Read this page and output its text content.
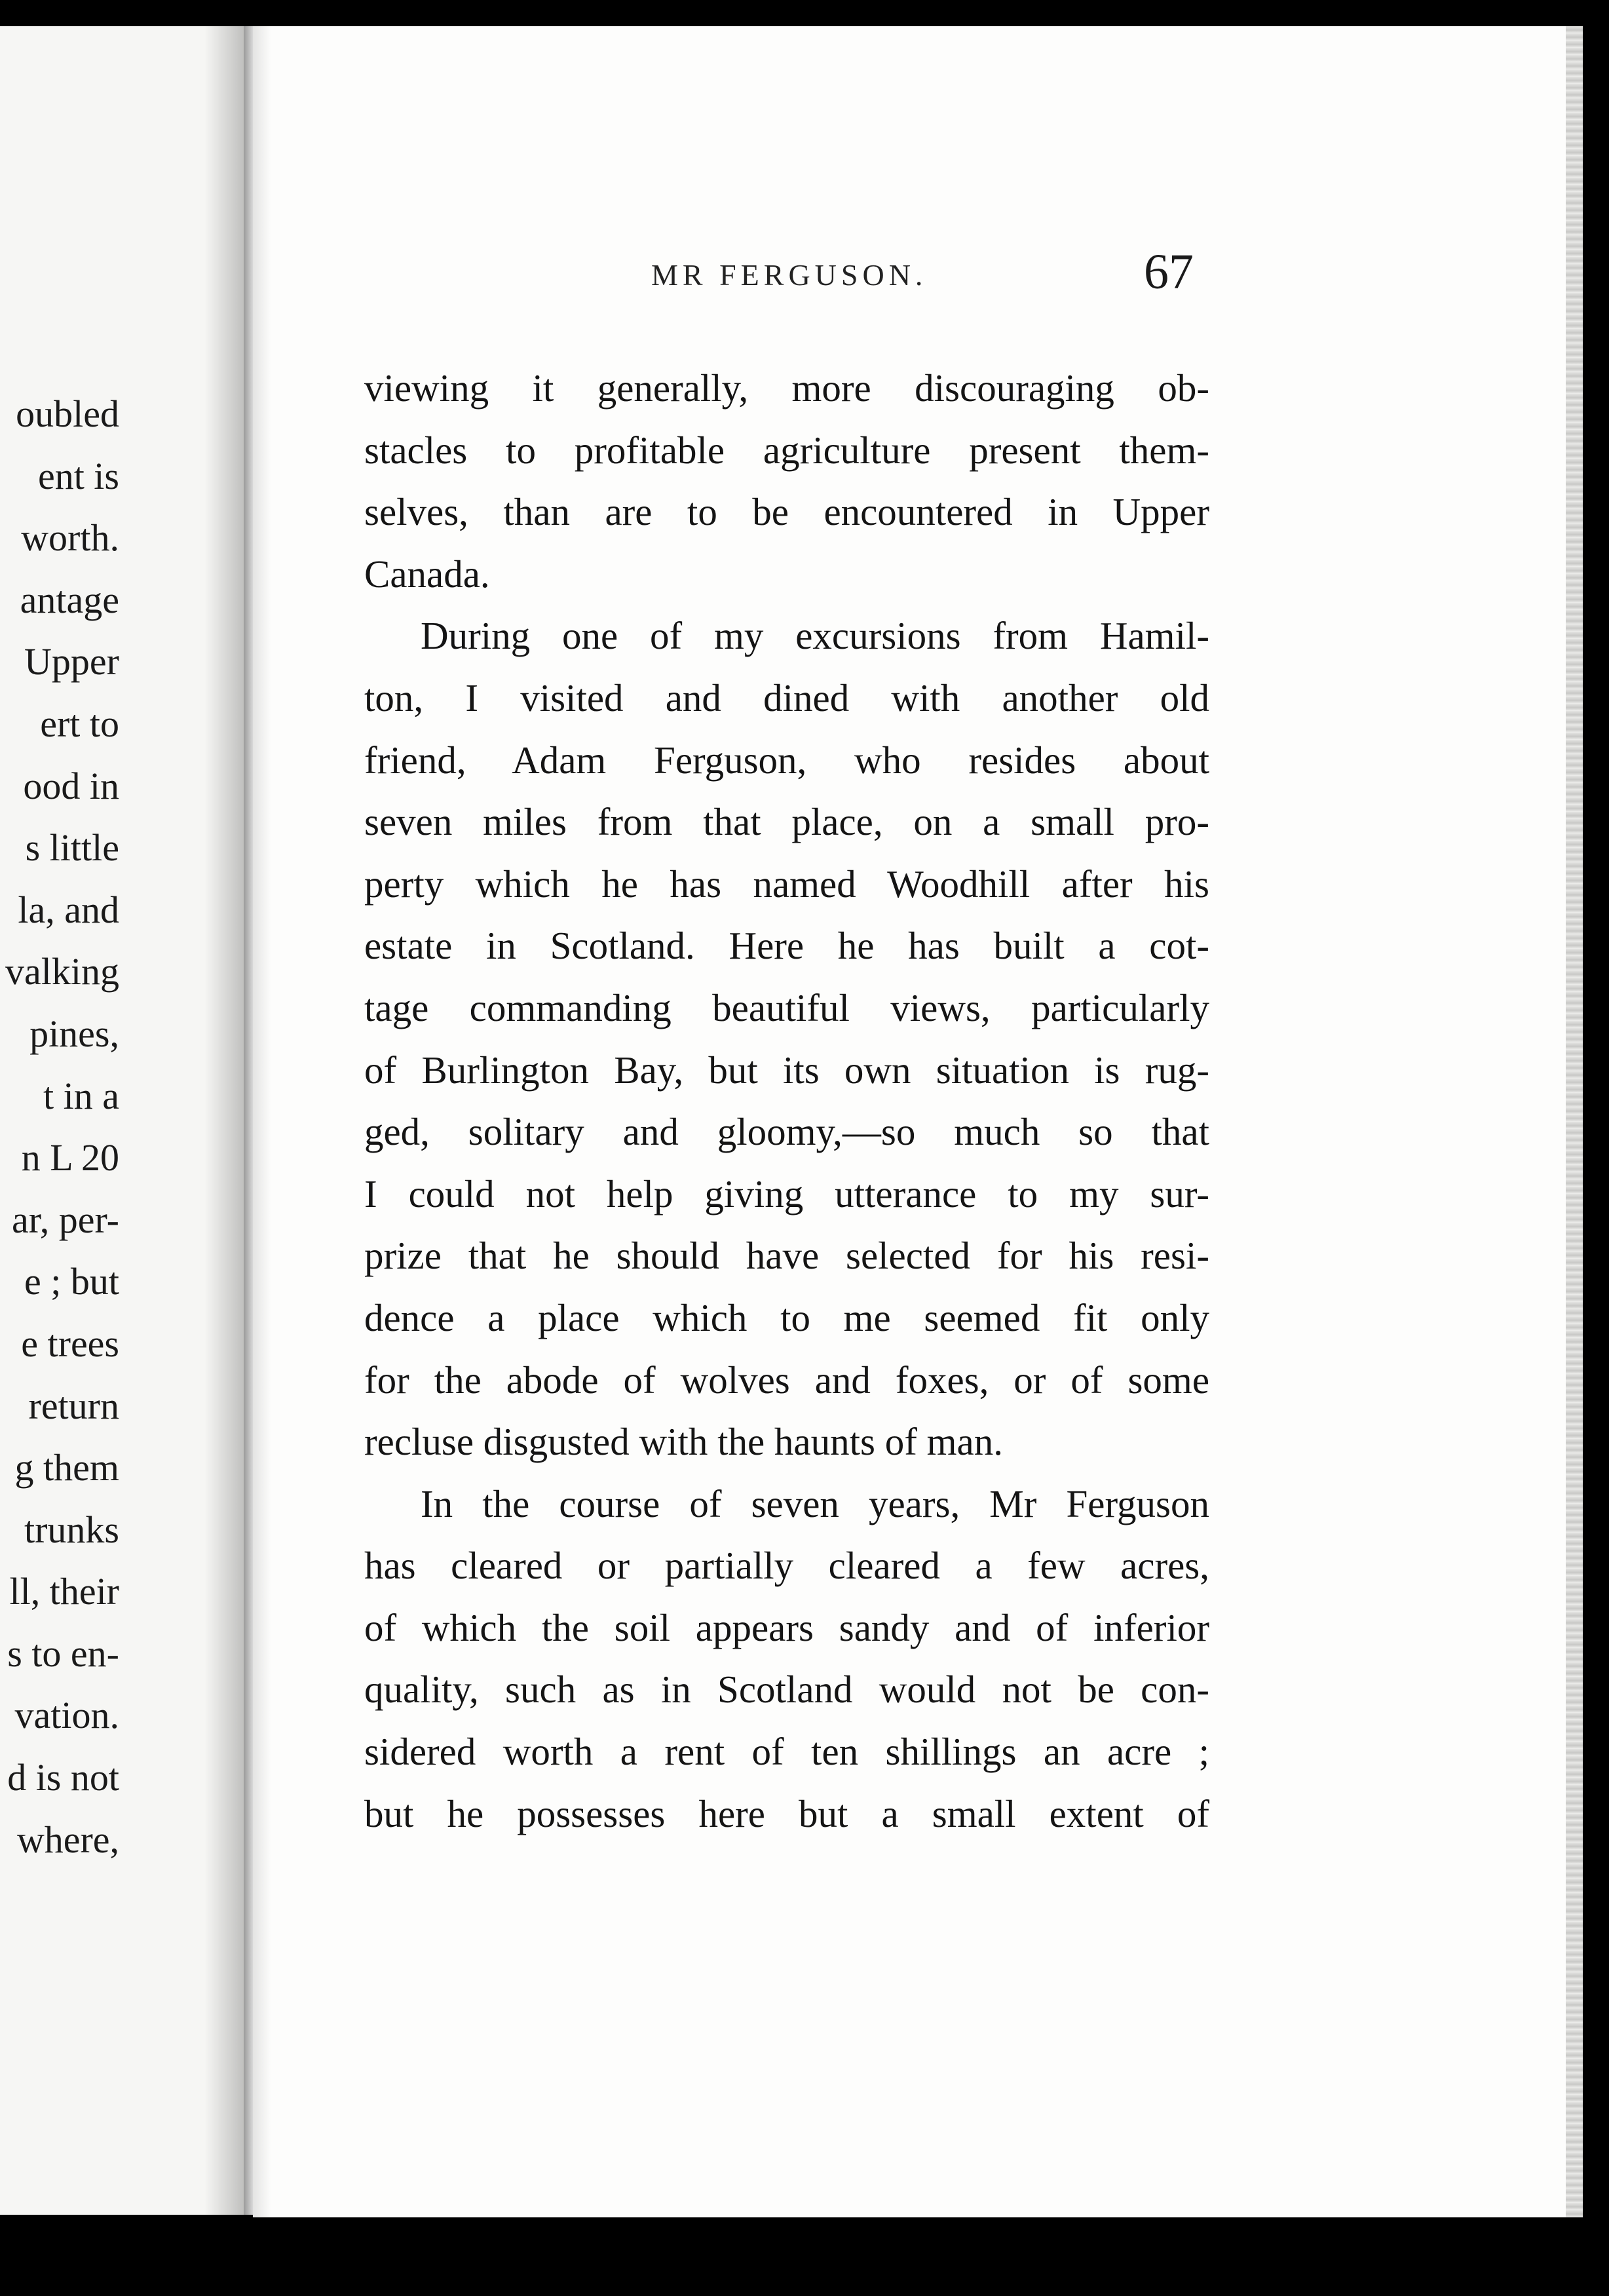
oubled
ent is
worth.
antage
Upper
ert to
ood in
s little
la, and
valking
pines,
t in a
n L 20
ar, per-
e ; but
e trees
return
g them
trunks
ll, their
s to en-
vation.
d is not
where,
MR FERGUSON.	67
viewing it generally, more discouraging ob-
stacles to profitable agriculture present them-
selves, than are to be encountered in Upper
Canada.
During one of my excursions from Hamil-
ton, I visited and dined with another old
friend, Adam Ferguson, who resides about
seven miles from that place, on a small pro-
perty which he has named Woodhill after his
estate in Scotland. Here he has built a cot-
tage commanding beautiful views, particularly
of Burlington Bay, but its own situation is rug-
ged, solitary and gloomy,—so much so that
I could not help giving utterance to my sur-
prize that he should have selected for his resi-
dence a place which to me seemed fit only
for the abode of wolves and foxes, or of some
recluse disgusted with the haunts of man.
In the course of seven years, Mr Ferguson
has cleared or partially cleared a few acres,
of which the soil appears sandy and of inferior
quality, such as in Scotland would not be con-
sidered worth a rent of ten shillings an acre ;
but he possesses here but a small extent of
